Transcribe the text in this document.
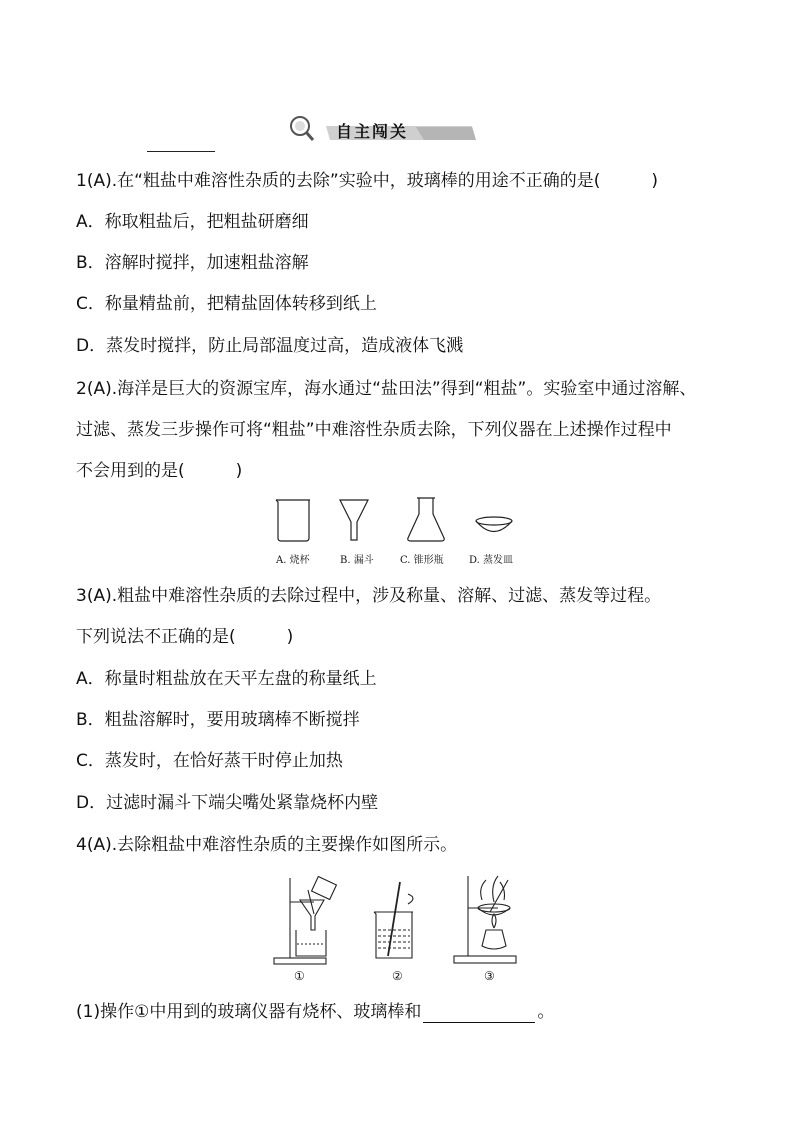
自主闯关
1(A).在“粗盐中难溶性杂质的去除”实验中，玻璃棒的用途不正确的是(　　　)
A．称取粗盐后，把粗盐研磨细
B．溶解时搅拌，加速粗盐溶解
C．称量精盐前，把精盐固体转移到纸上
D．蒸发时搅拌，防止局部温度过高，造成液体飞溅
2(A).海洋是巨大的资源宝库，海水通过“盐田法”得到“粗盐”。实验室中通过溶解、
过滤、蒸发三步操作可将“粗盐”中难溶性杂质去除，下列仪器在上述操作过程中
不会用到的是(　　　)
A. 烧杯	B. 漏斗	C. 锥形瓶	D. 蒸发皿
3(A).粗盐中难溶性杂质的去除过程中，涉及称量、溶解、过滤、蒸发等过程。
下列说法不正确的是(　　　)
A．称量时粗盐放在天平左盘的称量纸上
B．粗盐溶解时，要用玻璃棒不断搅拌
C．蒸发时，在恰好蒸干时停止加热
D．过滤时漏斗下端尖嘴处紧靠烧杯内壁
4(A).去除粗盐中难溶性杂质的主要操作如图所示。
①	②	③
(1)操作①中用到的玻璃仪器有烧杯、玻璃棒和	。
